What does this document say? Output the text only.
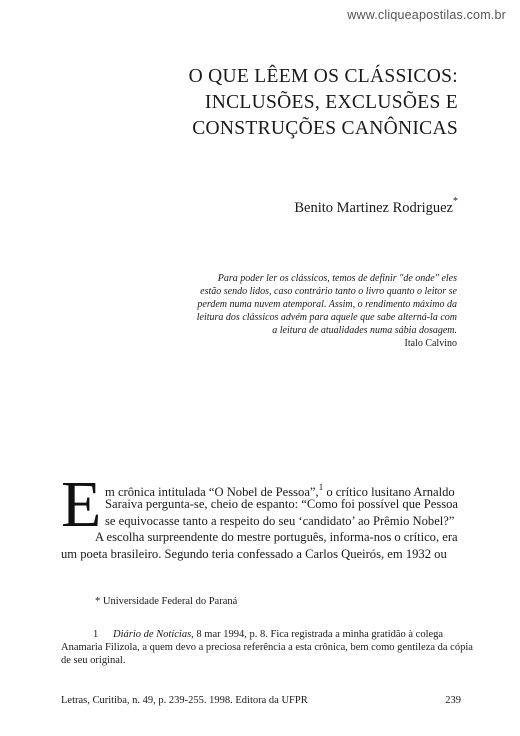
www.cliqueapostilas.com.br
O QUE LÊEM OS CLÁSSICOS:
INCLUSÕES, EXCLUSÕES E
CONSTRUÇÕES CANÔNICAS
Benito Martinez Rodriguez*
Para poder ler os clássicos, temos de definir "de onde" eles
estão sendo lidos, caso contrário tanto o livro quanto o leitor se
perdem numa nuvem atemporal. Assim, o rendimento máximo da
leitura dos clássicos advém para aquele que sabe alterná-la com
a leitura de atualidades numa sábia dosagem.
Italo Calvino
E m crônica intitulada “O Nobel de Pessoa”,$^1$ o crítico lusitano Arnaldo
Saraiva pergunta-se, cheio de espanto: “Como foi possível que Pessoa
se equivocasse tanto a respeito do seu ‘candidato’ ao Prêmio Nobel?”
A escolha surpreendente do mestre português, informa-nos o crítico, era
um poeta brasileiro. Segundo teria confessado a Carlos Queirós, em 1932 ou
* Universidade Federal do Paraná
1 Diário de Notícias, 8 mar 1994, p. 8. Fica registrada a minha gratidão à colega
Anamaria Filizola, a quem devo a preciosa referência a esta crônica, bem como gentileza da cópia
de seu original.
Letras, Curitiba, n. 49, p. 239-255. 1998. Editora da UFPR	239
